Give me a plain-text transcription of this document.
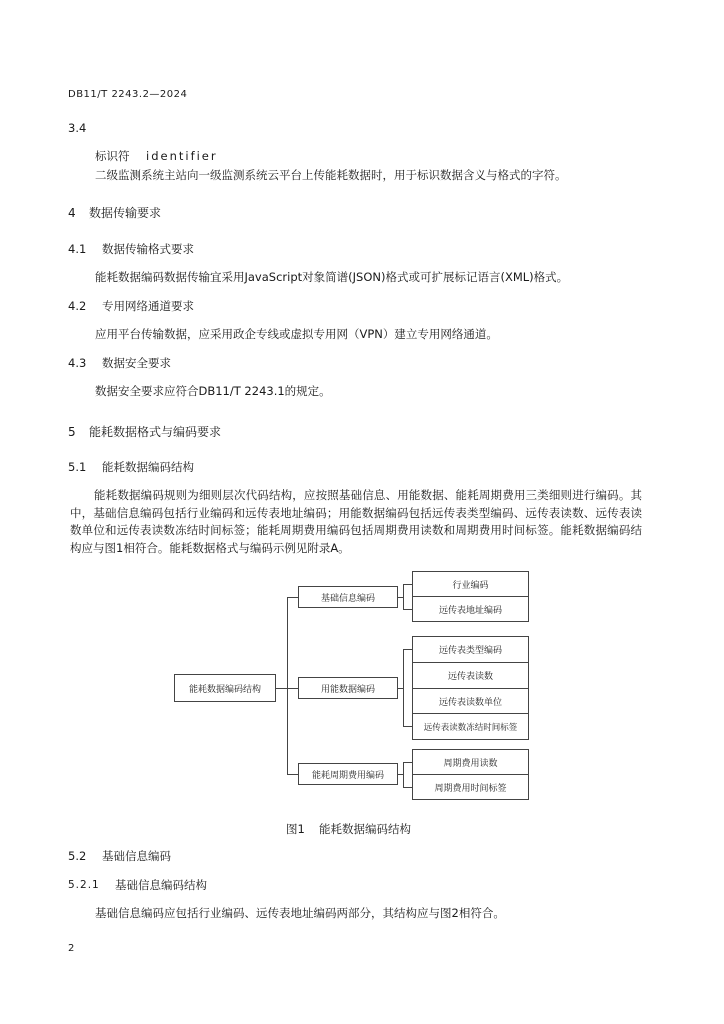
DB11/T 2243.2—2024
3.4
标识符 identifier
二级监测系统主站向一级监测系统云平台上传能耗数据时，用于标识数据含义与格式的字符。
4 数据传输要求
4.1 数据传输格式要求
能耗数据编码数据传输宜采用JavaScript对象简谱(JSON)格式或可扩展标记语言(XML)格式。
4.2 专用网络通道要求
应用平台传输数据，应采用政企专线或虚拟专用网（VPN）建立专用网络通道。
4.3 数据安全要求
数据安全要求应符合DB11/T 2243.1的规定。
5 能耗数据格式与编码要求
5.1 能耗数据编码结构
能耗数据编码规则为细则层次代码结构，应按照基础信息、用能数据、能耗周期费用三类细则进行编码。其中，基础信息编码包括行业编码和远传表地址编码；用能数据编码包括远传表类型编码、远传表读数、远传表读数单位和远传表读数冻结时间标签；能耗周期费用编码包括周期费用读数和周期费用时间标签。能耗数据编码结构应与图1相符合。能耗数据格式与编码示例见附录A。
能耗数据编码结构
基础信息编码
用能数据编码
能耗周期费用编码
行业编码
远传表地址编码
远传表类型编码
远传表读数
远传表读数单位
远传表读数冻结时间标签
周期费用读数
周期费用时间标签
图1 能耗数据编码结构
5.2 基础信息编码
5.2.1 基础信息编码结构
基础信息编码应包括行业编码、远传表地址编码两部分，其结构应与图2相符合。
2
